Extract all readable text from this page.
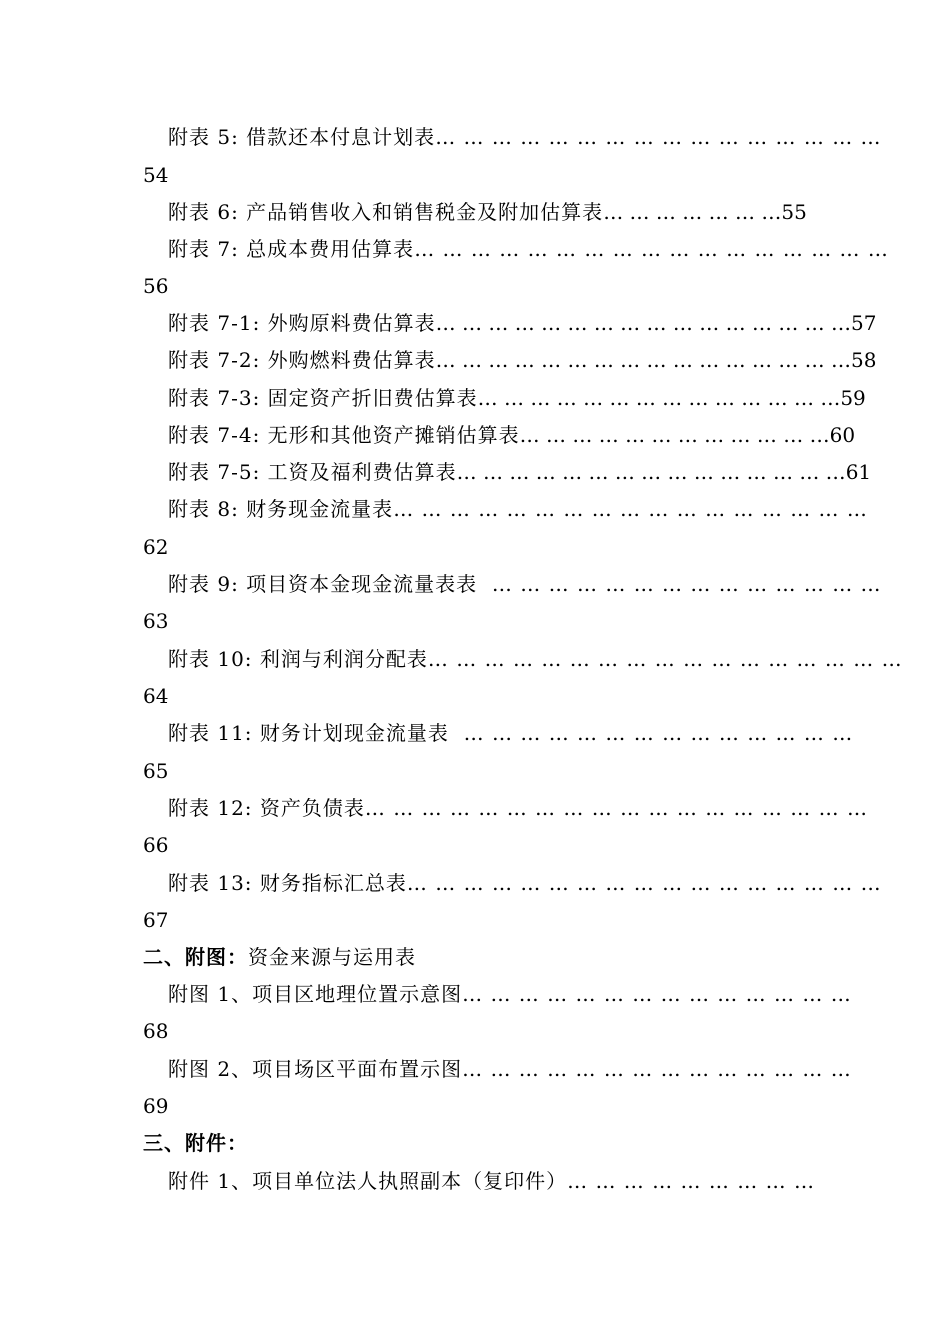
附表 5: 借款还本付息计划表… … … … … … … … … … … … … … … …
54
附表 6: 产品销售收入和销售税金及附加估算表 … … … … … … … 55
附表 7: 总成本费用估算表… … … … … … … … … … … … … … … … …
56
附表 7-1: 外购原料费估算表 … … … … … … … … … … … … … … … … 57
附表 7-2: 外购燃料费估算表 … … … … … … … … … … … … … … … … 58
附表 7-3: 固定资产折旧费估算表 … … … … … … … … … … … … … … 59
附表 7-4: 无形和其他资产摊销估算表 … … … … … … … … … … … … 60
附表 7-5: 工资及福利费估算表 … … … … … … … … … … … … … … … 61
附表 8: 财务现金流量表… … … … … … … … … … … … … … … … …
62
附表 9: 项目资本金现金流量表表 … … … … … … … … … … … … … …
63
附表 10: 利润与利润分配表… … … … … … … … … … … … … … … … …
64
附表 11: 财务计划现金流量表 … … … … … … … … … … … … … …
65
附表 12: 资产负债表… … … … … … … … … … … … … … … … … …
66
附表 13: 财务指标汇总表… … … … … … … … … … … … … … … … …
67
二、附图：资金来源与运用表
附图 1、项目区地理位置示意图… … … … … … … … … … … … … …
68
附图 2、项目场区平面布置示图… … … … … … … … … … … … … …
69
三、附件：
附件 1、项目单位法人执照副本（复印件）… … … … … … … … …
